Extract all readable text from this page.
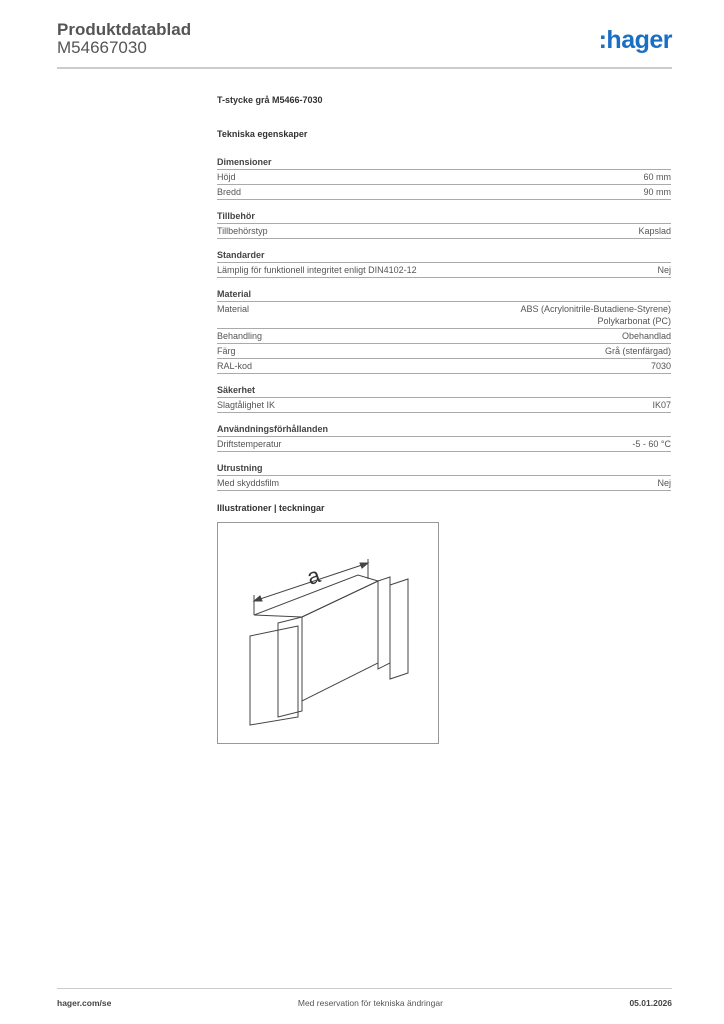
Produktdatablad
M54667030	:hager
T-stycke grå M5466-7030
Tekniska egenskaper
Dimensioner
Höjd	60 mm
Bredd	90 mm
Tillbehör
Tillbehörstyp	Kapslad
Standarder
Lämplig för funktionell integritet enligt DIN4102-12	Nej
Material
Material	ABS (Acrylonitrile-Butadiene-Styrene)
Polykarbonat (PC)
Behandling	Obehandlad
Färg	Grå (stenfärgad)
RAL-kod	7030
Säkerhet
Slagtålighet IK	IK07
Användningsförhållanden
Driftstemperatur	-5 - 60 °C
Utrustning
Med skyddsfilm	Nej
Illustrationer | teckningar
a
hager.com/se	Med reservation för tekniska ändringar	05.01.2026
